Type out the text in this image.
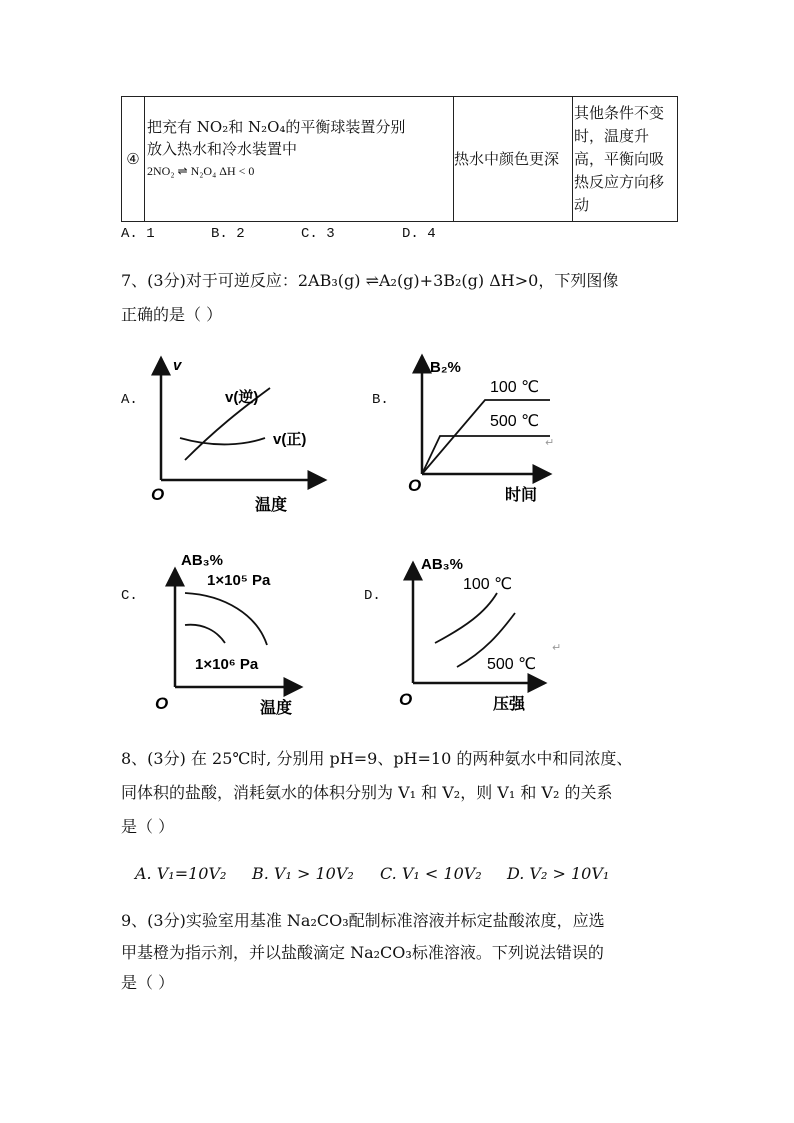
④	
把充有 NO₂和 N₂O₄的平衡球装置分别
放入热水和冷水装置中
2NO₂ ⇌ N₂O₄ ΔH < 0
	热水中颜色更深	其他条件不变时，温度升高，平衡向吸热反应方向移动
A. 1	B. 2	C. 3	D. 4
7、(3分)对于可逆反应：2AB₃(g) ⇌A₂(g)+3B₂(g) ΔH>0，下列图像
正确的是（ ）
A.	B.
C.	D.
v
O
温度
v(逆)
v(正)
B₂%
O
时间
100 ℃
500 ℃
↵
AB₃%
O	温度
1×10⁵ Pa
1×10⁶ Pa
AB₃%
O	压强
100 ℃
500 ℃
↵
8、(3分) 在 25℃时, 分别用 pH=9、pH=10 的两种氨水中和同浓度、
同体积的盐酸，消耗氨水的体积分别为 V₁ 和 V₂，则 V₁ 和 V₂ 的关系
是（ ）
A. V₁=10V₂ B. V₁ > 10V₂ C. V₁ < 10V₂ D. V₂ > 10V₁
9、(3分)实验室用基准 Na₂CO₃配制标准溶液并标定盐酸浓度，应选
甲基橙为指示剂，并以盐酸滴定 Na₂CO₃标准溶液。下列说法错误的
是（ ）
